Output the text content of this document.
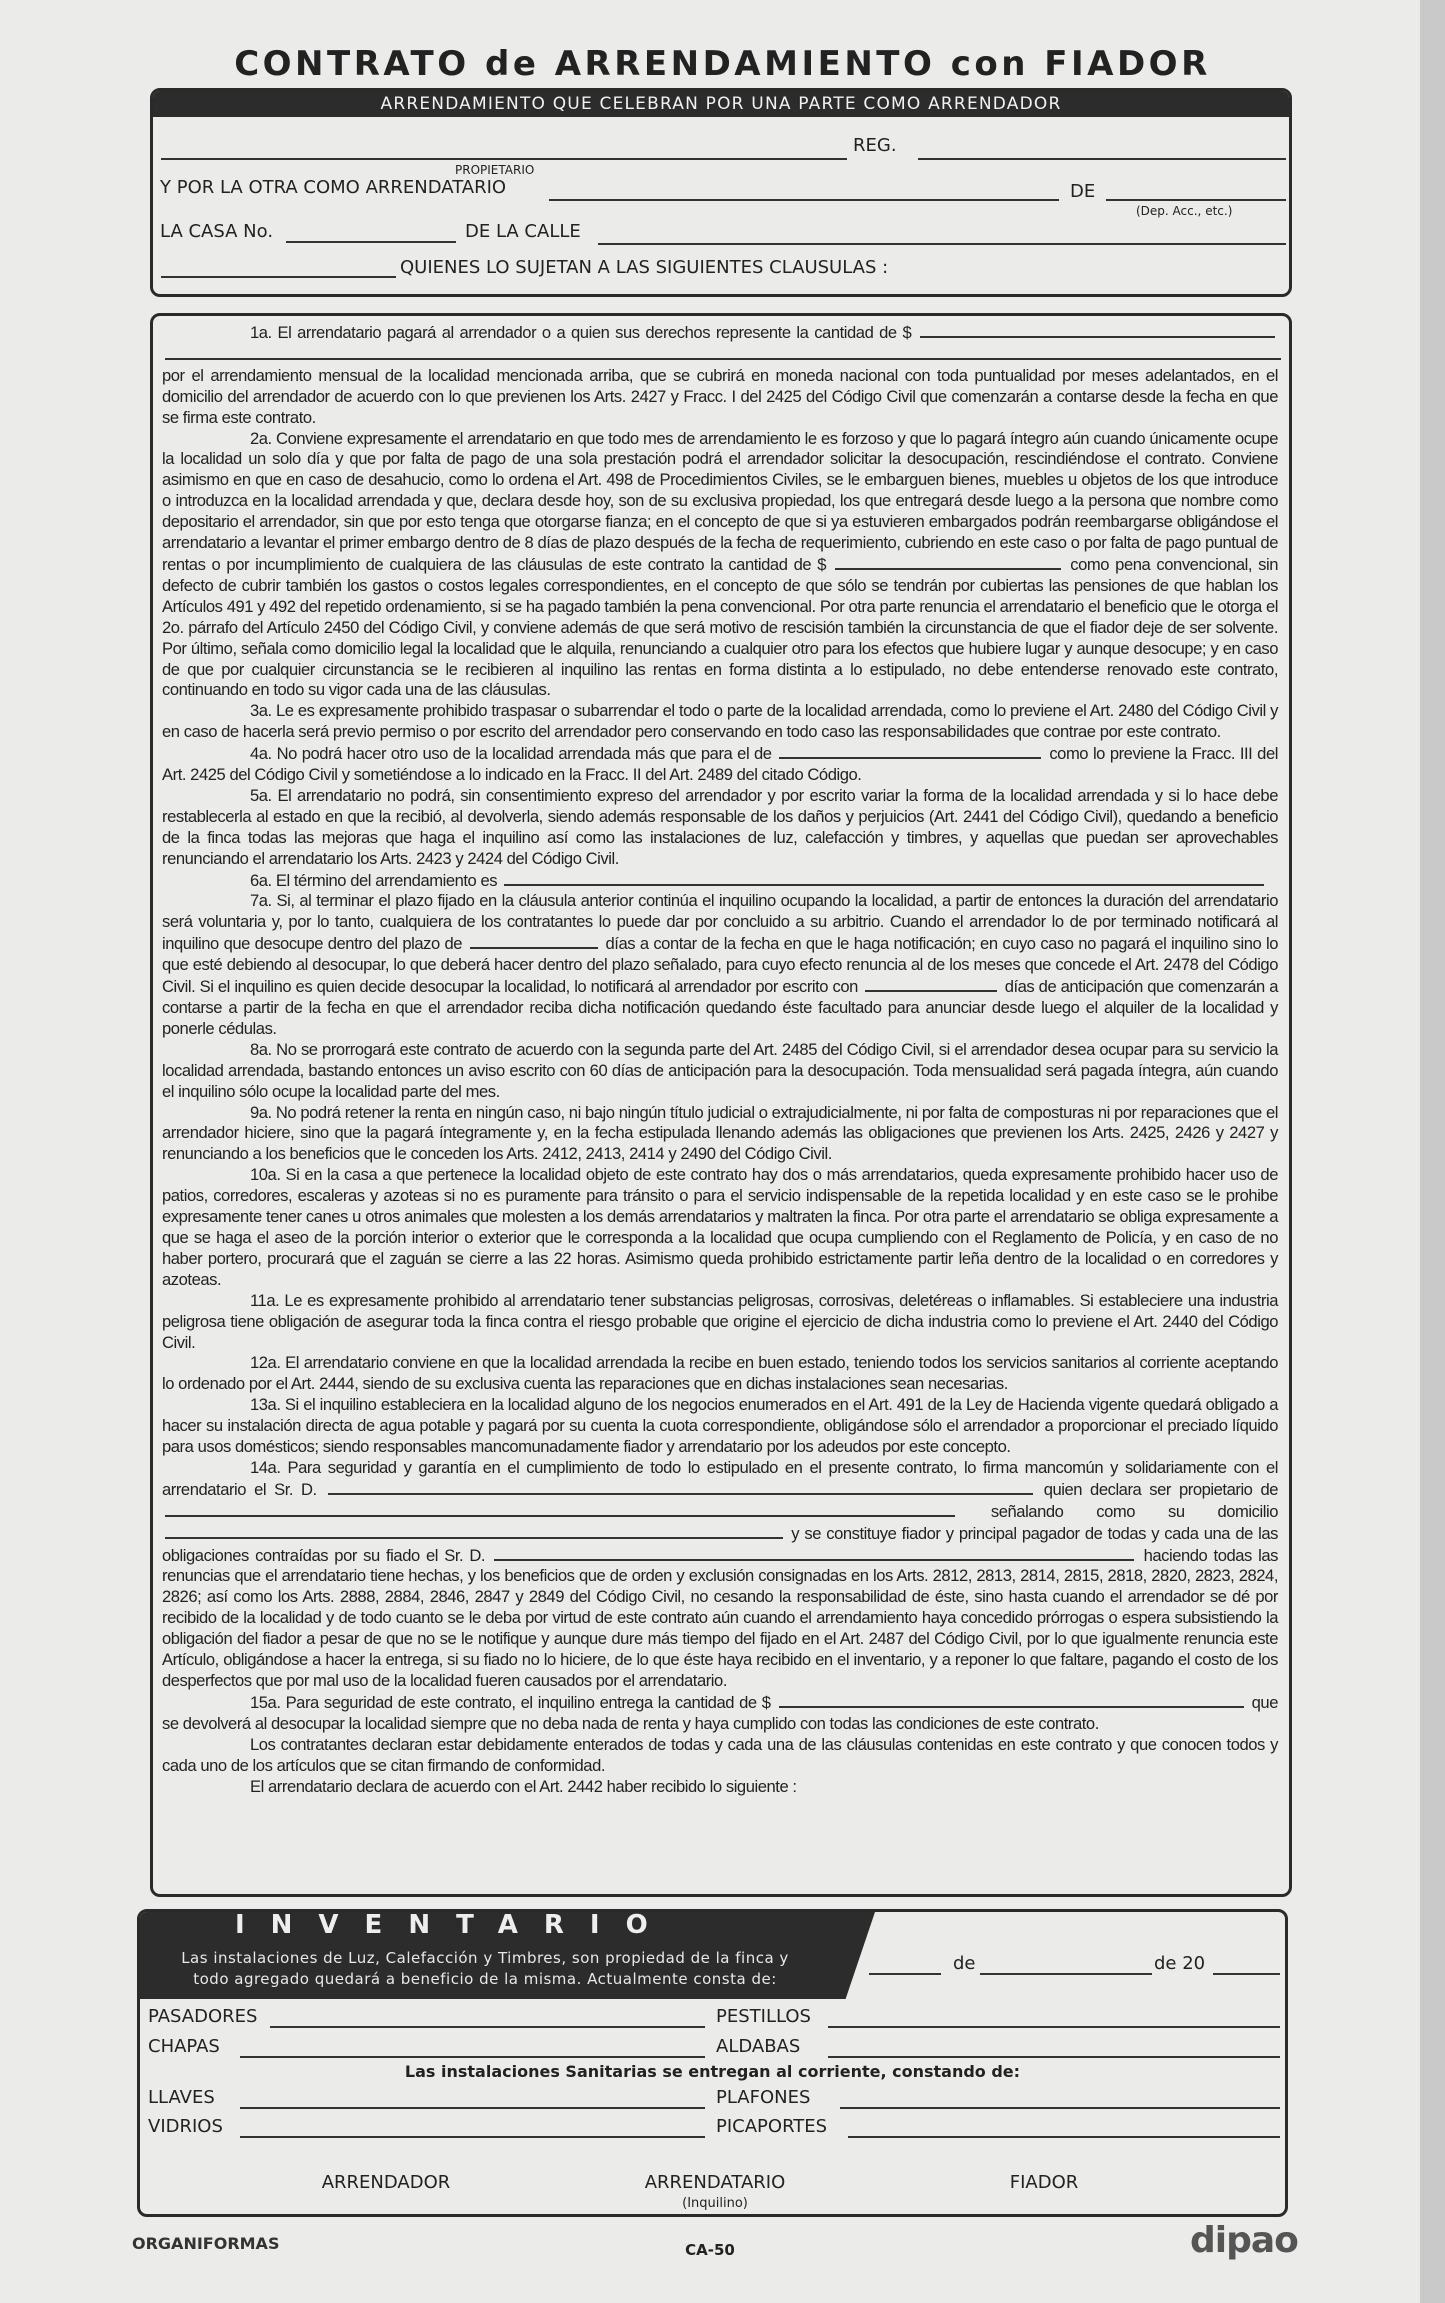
CONTRATO de ARRENDAMIENTO con FIADOR
ARRENDAMIENTO QUE CELEBRAN POR UNA PARTE COMO ARRENDADOR
REG.
PROPIETARIO
Y POR LA OTRA COMO ARRENDATARIO	DE
(Dep. Acc., etc.)
LA CASA No.	DE LA CALLE
QUIENES LO SUJETAN A LAS SIGUIENTES CLAUSULAS :

1a. El arrendatario pagará al arrendador o a quien sus derechos represente la cantidad de $   por el arrendamiento mensual de la localidad mencionada arriba, que se cubrirá en moneda nacional con toda puntualidad por meses adelantados, en el domicilio del arrendador de acuerdo con lo que previenen los Arts. 2427 y Fracc. I del 2425 del Código Civil que comenzarán a contarse desde la fecha en que se firma este contrato.

2a. Conviene expresamente el arrendatario en que todo mes de arrendamiento le es forzoso y que lo pagará íntegro aún cuando únicamente ocupe la localidad un solo día y que por falta de pago de una sola prestación podrá el arrendador solicitar la desocupación, rescindiéndose el contrato. Conviene asimismo en que en caso de desahucio, como lo ordena el Art. 498 de Procedimientos Civiles, se le embarguen bienes, muebles u objetos de los que introduce o introduzca en la localidad arrendada y que, declara desde hoy, son de su exclusiva propiedad, los que entregará desde luego a la persona que nombre como depositario el arrendador, sin que por esto tenga que otorgarse fianza; en el concepto de que si ya estuvieren embargados podrán reembargarse obligándose el arrendatario a levantar el primer embargo dentro de 8 días de plazo después de la fecha de requerimiento, cubriendo en este caso o por falta de pago puntual de rentas o por incumplimiento de cualquiera de las cláusulas de este contrato la cantidad de $	como pena convencional, sin defecto de cubrir también los gastos o costos legales correspondientes, en el concepto de que sólo se tendrán por cubiertas las pensiones de que hablan los Artículos 491 y 492 del repetido ordenamiento, si se ha pagado también la pena convencional. Por otra parte renuncia el arrendatario el beneficio que le otorga el 2o. párrafo del Artículo 2450 del Código Civil, y conviene además de que será motivo de rescisión también la circunstancia de que el fiador deje de ser solvente. Por último, señala como domicilio legal la localidad que le alquila, renunciando a cualquier otro para los efectos que hubiere lugar y aunque desocupe; y en caso de que por cualquier circunstancia se le recibieren al inquilino las rentas en forma distinta a lo estipulado, no debe entenderse renovado este contrato, continuando en todo su vigor cada una de las cláusulas.

3a. Le es expresamente prohibido traspasar o subarrendar el todo o parte de la localidad arrendada, como lo previene el Art. 2480 del Código Civil y en caso de hacerla será previo permiso o por escrito del arrendador pero conservando en todo caso las responsabilidades que contrae por este contrato.

4a. No podrá hacer otro uso de la localidad arrendada más que para el de	como lo previene la Fracc. III del Art. 2425 del Código Civil y sometiéndose a lo indicado en la Fracc. II del Art. 2489 del citado Código.

5a. El arrendatario no podrá, sin consentimiento expreso del arrendador y por escrito variar la forma de la localidad arrendada y si lo hace debe restablecerla al estado en que la recibió, al devolverla, siendo además responsable de los daños y perjuicios (Art. 2441 del Código Civil), quedando a beneficio de la finca todas las mejoras que haga el inquilino así como las instalaciones de luz, calefacción y timbres, y aquellas que puedan ser aprovechables renunciando el arrendatario los Arts. 2423 y 2424 del Código Civil.

6a. El término del arrendamiento es

7a. Si, al terminar el plazo fijado en la cláusula anterior continúa el inquilino ocupando la localidad, a partir de entonces la duración del arrendatario será voluntaria y, por lo tanto, cualquiera de los contratantes lo puede dar por concluido a su arbitrio. Cuando el arrendador lo de por terminado notificará al inquilino que desocupe dentro del plazo de	días a contar de la fecha en que le haga notificación; en cuyo caso no pagará el inquilino sino lo que esté debiendo al desocupar, lo que deberá hacer dentro del plazo señalado, para cuyo efecto renuncia al de los meses que concede el Art. 2478 del Código Civil. Si el inquilino es quien decide desocupar la localidad, lo notificará al arrendador por escrito con	días de anticipación que comenzarán a contarse a partir de la fecha en que el arrendador reciba dicha notificación quedando éste facultado para anunciar desde luego el alquiler de la localidad y ponerle cédulas.

8a. No se prorrogará este contrato de acuerdo con la segunda parte del Art. 2485 del Código Civil, si el arrendador desea ocupar para su servicio la localidad arrendada, bastando entonces un aviso escrito con 60 días de anticipación para la desocupación. Toda mensualidad será pagada íntegra, aún cuando el inquilino sólo ocupe la localidad parte del mes.

9a. No podrá retener la renta en ningún caso, ni bajo ningún título judicial o extrajudicialmente, ni por falta de composturas ni por reparaciones que el arrendador hiciere, sino que la pagará íntegramente y, en la fecha estipulada llenando además las obligaciones que previenen los Arts. 2425, 2426 y 2427 y renunciando a los beneficios que le conceden los Arts. 2412, 2413, 2414 y 2490 del Código Civil.

10a. Si en la casa a que pertenece la localidad objeto de este contrato hay dos o más arrendatarios, queda expresamente prohibido hacer uso de patios, corredores, escaleras y azoteas si no es puramente para tránsito o para el servicio indispensable de la repetida localidad y en este caso se le prohibe expresamente tener canes u otros animales que molesten a los demás arrendatarios y maltraten la finca. Por otra parte el arrendatario se obliga expresamente a que se haga el aseo de la porción interior o exterior que le corresponda a la localidad que ocupa cumpliendo con el Reglamento de Policía, y en caso de no haber portero, procurará que el zaguán se cierre a las 22 horas. Asimismo queda prohibido estrictamente partir leña dentro de la localidad o en corredores y azoteas.

11a. Le es expresamente prohibido al arrendatario tener substancias peligrosas, corrosivas, deletéreas o inflamables. Si estableciere una industria peligrosa tiene obligación de asegurar toda la finca contra el riesgo probable que origine el ejercicio de dicha industria como lo previene el Art. 2440 del Código Civil.

12a. El arrendatario conviene en que la localidad arrendada la recibe en buen estado, teniendo todos los servicios sanitarios al corriente aceptando lo ordenado por el Art. 2444, siendo de su exclusiva cuenta las reparaciones que en dichas instalaciones sean necesarias.

13a. Si el inquilino estableciera en la localidad alguno de los negocios enumerados en el Art. 491 de la Ley de Hacienda vigente quedará obligado a hacer su instalación directa de agua potable y pagará por su cuenta la cuota correspondiente, obligándose sólo el arrendador a proporcionar el preciado líquido para usos domésticos; siendo responsables mancomunadamente fiador y arrendatario por los adeudos por este concepto.

14a. Para seguridad y garantía en el cumplimiento de todo lo estipulado en el presente contrato, lo firma mancomún y solidariamente con el arrendatario el Sr. D.	quien declara ser propietario de  señalando como su domicilio  y se constituye fiador y principal pagador de todas y cada una de las obligaciones contraídas por su fiado el Sr. D.	haciendo todas las renuncias que el arrendatario tiene hechas, y los beneficios que de orden y exclusión consignadas en los Arts. 2812, 2813, 2814, 2815, 2818, 2820, 2823, 2824, 2826; así como los Arts. 2888, 2884, 2846, 2847 y 2849 del Código Civil, no cesando la responsabilidad de éste, sino hasta cuando el arrendador se dé por recibido de la localidad y de todo cuanto se le deba por virtud de este contrato aún cuando el arrendamiento haya concedido prórrogas o espera subsistiendo la obligación del fiador a pesar de que no se le notifique y aunque dure más tiempo del fijado en el Art. 2487 del Código Civil, por lo que igualmente renuncia este Artículo, obligándose a hacer la entrega, si su fiado no lo hiciere, de lo que éste haya recibido en el inventario, y a reponer lo que faltare, pagando el costo de los desperfectos que por mal uso de la localidad fueren causados por el arrendatario.

15a. Para seguridad de este contrato, el inquilino entrega la cantidad de $	que se devolverá al desocupar la localidad siempre que no deba nada de renta y haya cumplido con todas las condiciones de este contrato.

Los contratantes declaran estar debidamente enterados de todas y cada una de las cláusulas contenidas en este contrato y que conocen todos y cada uno de los artículos que se citan firmando de conformidad.

El arrendatario declara de acuerdo con el Art. 2442 haber recibido lo siguiente :

INVENTARIO
Las instalaciones de Luz, Calefacción y Timbres, son propiedad de la finca y
todo agregado quedará a beneficio de la misma. Actualmente consta de:
de	de 20
PASADORES	PESTILLOS
CHAPAS	ALDABAS
Las instalaciones Sanitarias se entregan al corriente, constando de:
LLAVES	PLAFONES
VIDRIOS	PICAPORTES
ARRENDADOR	ARRENDATARIO
(Inquilino)
FIADOR
ORGANIFORMAS	CA-50	dipao
